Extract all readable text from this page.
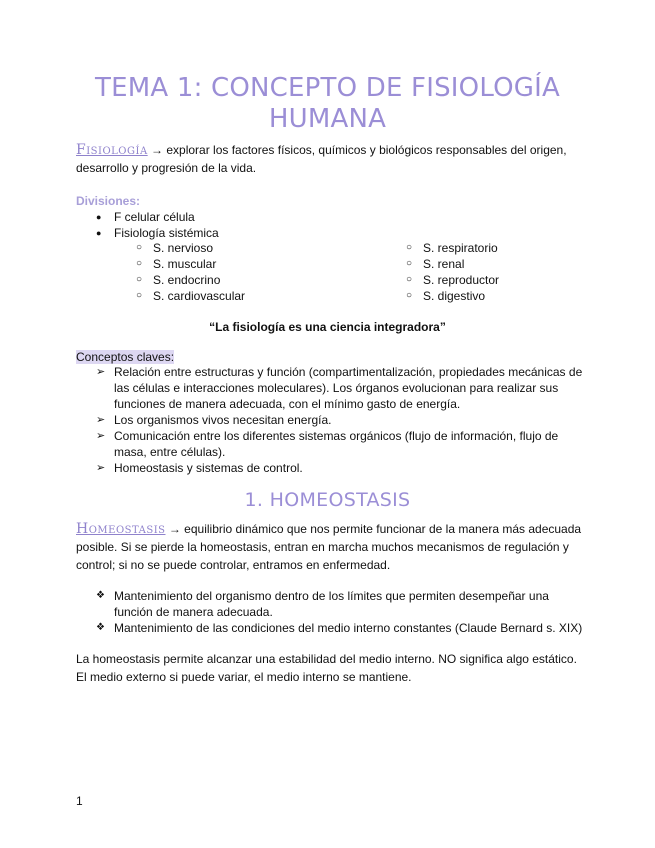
TEMA 1: CONCEPTO DE FISIOLOGÍA
HUMANA
Fisiología → explorar los factores físicos, químicos y biológicos responsables del origen,
desarrollo y progresión de la vida.
Divisiones:
● F celular célula
● Fisiología sistémica
○ S. nervioso
○ S. muscular
○ S. endocrino
○ S. cardiovascular
○ S. respiratorio
○ S. renal
○ S. reproductor
○ S. digestivo
“La fisiología es una ciencia integradora”
Conceptos claves:
➢ Relación entre estructuras y función (compartimentalización, propiedades mecánicas de las células e interacciones moleculares). Los órganos evolucionan para realizar sus funciones de manera adecuada, con el mínimo gasto de energía.
➢ Los organismos vivos necesitan energía.
➢ Comunicación entre los diferentes sistemas orgánicos (flujo de información, flujo de masa, entre células).
➢ Homeostasis y sistemas de control.
1. HOMEOSTASIS
Homeostasis → equilibrio dinámico que nos permite funcionar de la manera más adecuada
posible. Si se pierde la homeostasis, entran en marcha muchos mecanismos de regulación y
control; si no se puede controlar, entramos en enfermedad.
❖ Mantenimiento del organismo dentro de los límites que permiten desempeñar una función de manera adecuada.
❖ Mantenimiento de las condiciones del medio interno constantes (Claude Bernard s. XIX)
La homeostasis permite alcanzar una estabilidad del medio interno. NO significa algo estático.
El medio externo si puede variar, el medio interno se mantiene.
1
